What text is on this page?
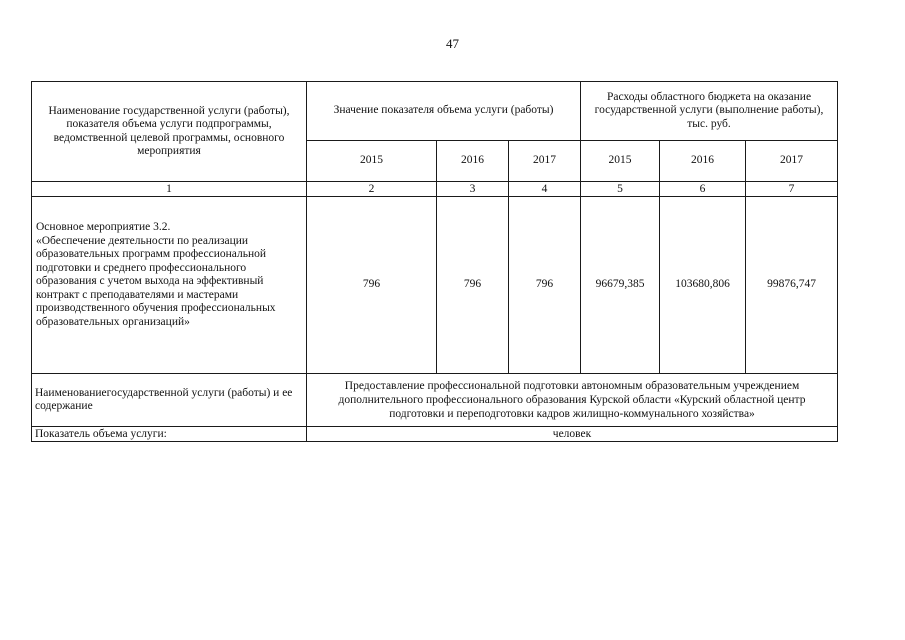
47
Наименование государственной услуги (работы), показателя объема услуги подпрограммы, ведомственной целевой программы, основного мероприятия	Значение показателя объема услуги (работы)			Расходы областного бюджета на оказание государственной услуги (выполнение работы),
тыс. руб.		

	2015	2016	2017	2015	2016	2017
1	2	3	4	5	6	7

Основное мероприятие 3.2.
«Обеспечение деятельности по реализации образовательных программ профессиональной подготовки и среднего профессионального образования с учетом выхода на эффективный контракт с преподавателями и мастерами производственного обучения профессиональных образовательных организаций»	796	796	796	96679,385	103680,806	99876,747
Наименованиегосударственной услуги (работы) и ее содержание	Предоставление профессиональной подготовки автономным образовательным учреждением дополнительного профессионального образования Курской области «Курский областной центр подготовки и переподготовки кадров жилищно-коммунального хозяйства»					
Показатель объема услуги:	человек					
